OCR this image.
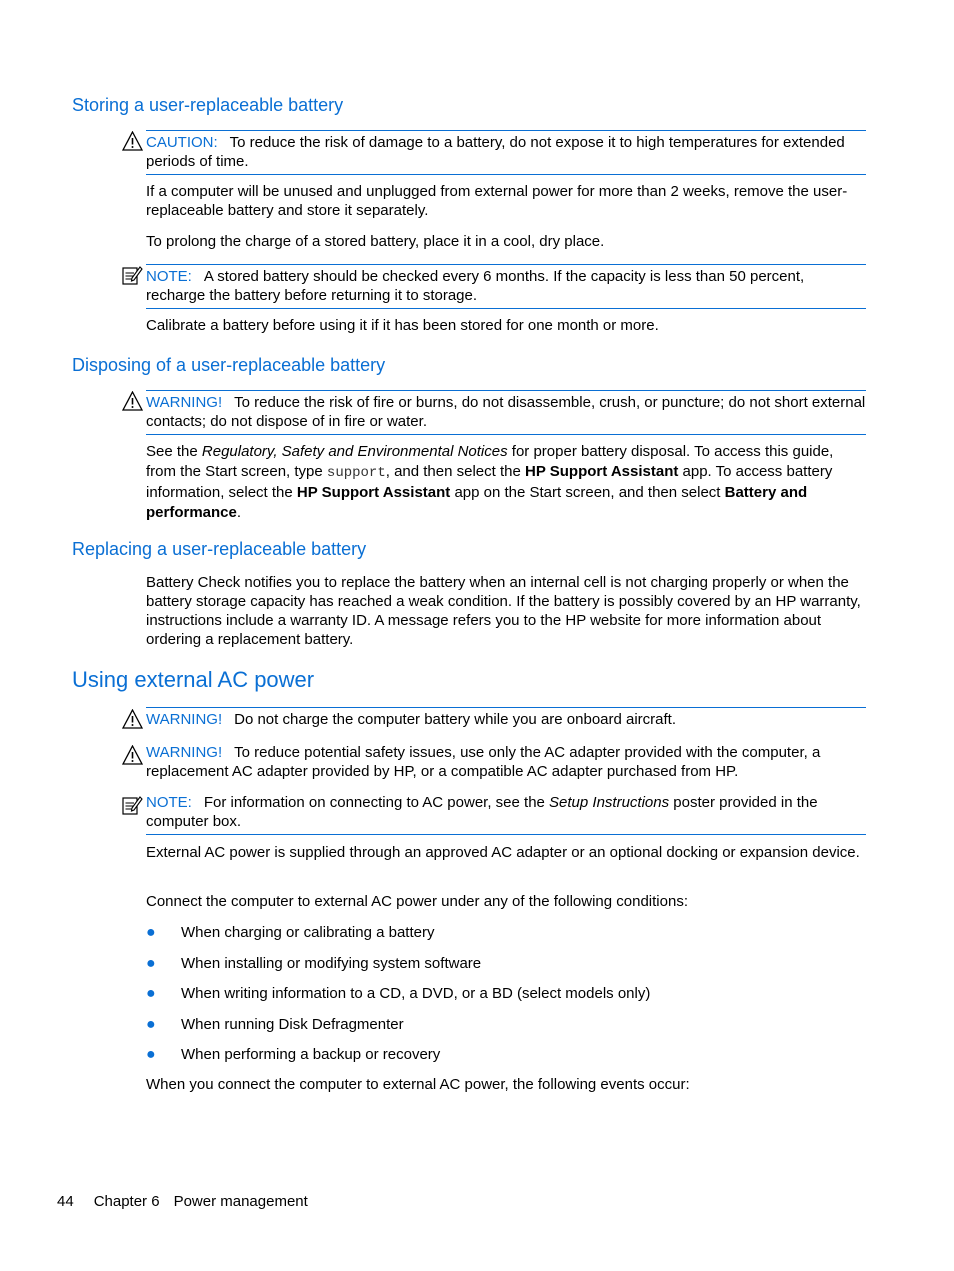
Storing a user-replaceable battery
CAUTION: To reduce the risk of damage to a battery, do not expose it to high temperatures for extended periods of time.

If a computer will be unused and unplugged from external power for more than 2 weeks, remove the user-replaceable battery and store it separately.

To prolong the charge of a stored battery, place it in a cool, dry place.

NOTE: A stored battery should be checked every 6 months. If the capacity is less than 50 percent, recharge the battery before returning it to storage.

Calibrate a battery before using it if it has been stored for one month or more.

Disposing of a user-replaceable battery
WARNING! To reduce the risk of fire or burns, do not disassemble, crush, or puncture; do not short external contacts; do not dispose of in fire or water.

See the Regulatory, Safety and Environmental Notices for proper battery disposal. To access this guide, from the Start screen, type support, and then select the HP Support Assistant app. To access battery information, select the HP Support Assistant app on the Start screen, and then select Battery and performance.

Replacing a user-replaceable battery

Battery Check notifies you to replace the battery when an internal cell is not charging properly or when the battery storage capacity has reached a weak condition. If the battery is possibly covered by an HP warranty, instructions include a warranty ID. A message refers you to the HP website for more information about ordering a replacement battery.

Using external AC power
WARNING! Do not charge the computer battery while you are onboard aircraft.
WARNING! To reduce potential safety issues, use only the AC adapter provided with the computer, a replacement AC adapter provided by HP, or a compatible AC adapter purchased from HP.
NOTE: For information on connecting to AC power, see the Setup Instructions poster provided in the computer box.

External AC power is supplied through an approved AC adapter or an optional docking or expansion device.

Connect the computer to external AC power under any of the following conditions:

● When charging or calibrating a battery
● When installing or modifying system software
● When writing information to a CD, a DVD, or a BD (select models only)
● When running Disk Defragmenter
● When performing a backup or recovery

When you connect the computer to external AC power, the following events occur:

44 Chapter 6 Power management
